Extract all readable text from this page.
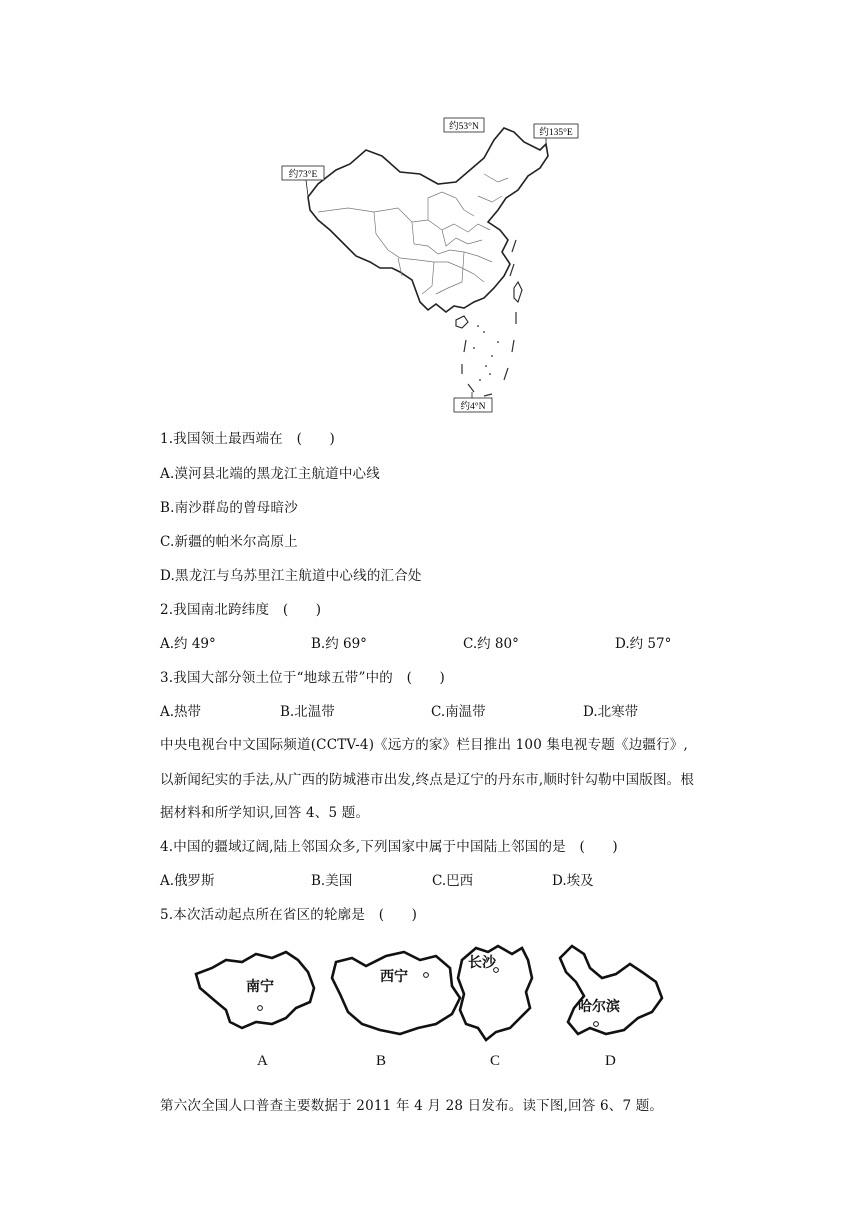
约53°N
约135°E
约73°E
约4°N
1.我国领土最西端在　(　　)
A.漠河县北端的黑龙江主航道中心线
B.南沙群岛的曾母暗沙
C.新疆的帕米尔高原上
D.黑龙江与乌苏里江主航道中心线的汇合处
2.我国南北跨纬度　(　　)
A.约 49°	B.约 69°	C.约 80°	D.约 57°
3.我国大部分领土位于“地球五带”中的　(　　)
A.热带	B.北温带	C.南温带	D.北寒带
中央电视台中文国际频道(CCTV-4)《远方的家》栏目推出 100 集电视专题《边疆行》,
以新闻纪实的手法,从广西的防城港市出发,终点是辽宁的丹东市,顺时针勾勒中国版图。根
据材料和所学知识,回答 4、5 题。
4.中国的疆域辽阔,陆上邻国众多,下列国家中属于中国陆上邻国的是　(　　)
A.俄罗斯	B.美国	C.巴西	D.埃及
5.本次活动起点所在省区的轮廓是　(　　)
南宁
西宁
长沙
哈尔滨
A	B	C	D
第六次全国人口普查主要数据于 2011 年 4 月 28 日发布。读下图,回答 6、7 题。
